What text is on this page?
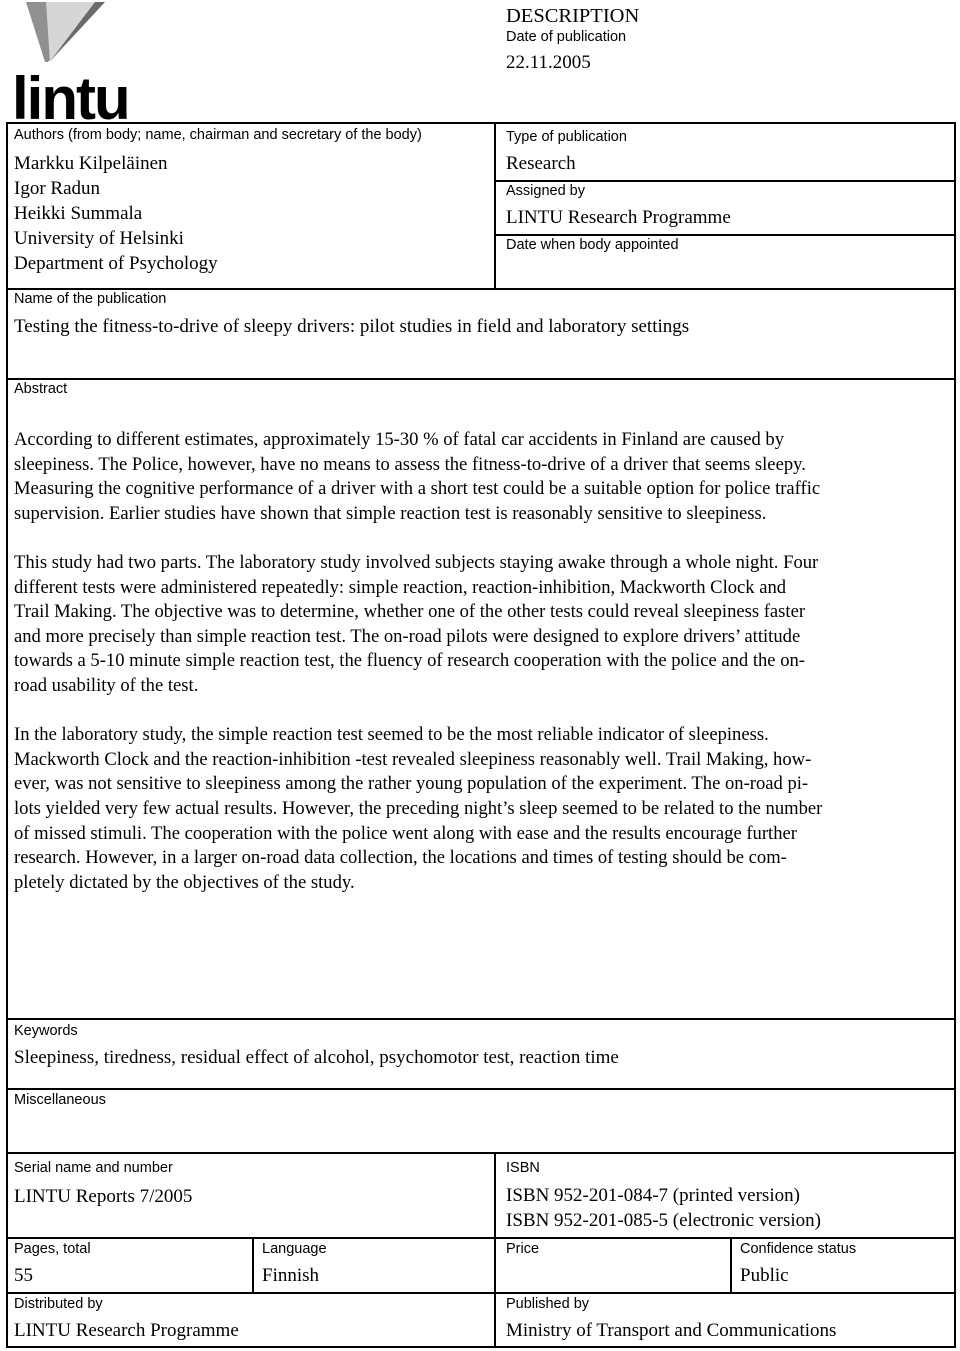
lintu
DESCRIPTION
Date of publication
22.11.2005
Authors (from body; name, chairman and secretary of the body)
Markku Kilpeläinen
Igor Radun
Heikki Summala
University of Helsinki
Department of Psychology
Type of publication
Research
Assigned by
LINTU Research Programme
Date when body appointed
Name of the publication
Testing the fitness-to-drive of sleepy drivers: pilot studies in field and laboratory settings
Abstract

According to different estimates, approximately 15-30 % of fatal car accidents in Finland are caused by
sleepiness. The Police, however, have no means to assess the fitness-to-drive of a driver that seems sleepy.
Measuring the cognitive performance of a driver with a short test could be a suitable option for police traffic
supervision. Earlier studies have shown that simple reaction test is reasonably sensitive to sleepiness.

This study had two parts. The laboratory study involved subjects staying awake through a whole night. Four
different tests were administered repeatedly: simple reaction, reaction-inhibition, Mackworth Clock and
Trail Making. The objective was to determine, whether one of the other tests could reveal sleepiness faster
and more precisely than simple reaction test. The on-road pilots were designed to explore drivers’ attitude
towards a 5-10 minute simple reaction test, the fluency of research cooperation with the police and the on-
road usability of the test.

In the laboratory study, the simple reaction test seemed to be the most reliable indicator of sleepiness.
Mackworth Clock and the reaction-inhibition -test revealed sleepiness reasonably well. Trail Making, how-
ever, was not sensitive to sleepiness among the rather young population of the experiment. The on-road pi-
lots yielded very few actual results. However, the preceding night’s sleep seemed to be related to the number
of missed stimuli. The cooperation with the police went along with ease and the results encourage further
research. However, in a larger on-road data collection, the locations and times of testing should be com-
pletely dictated by the objectives of the study.

Keywords
Sleepiness, tiredness, residual effect of alcohol, psychomotor test, reaction time
Miscellaneous
Serial name and number
LINTU Reports 7/2005
ISBN
ISBN 952-201-084-7 (printed version)
ISBN 952-201-085-5 (electronic version)
Pages, total
55
Language
Finnish
Price	Confidence status
Public
Distributed by
LINTU Research Programme
Published by
Ministry of Transport and Communications
